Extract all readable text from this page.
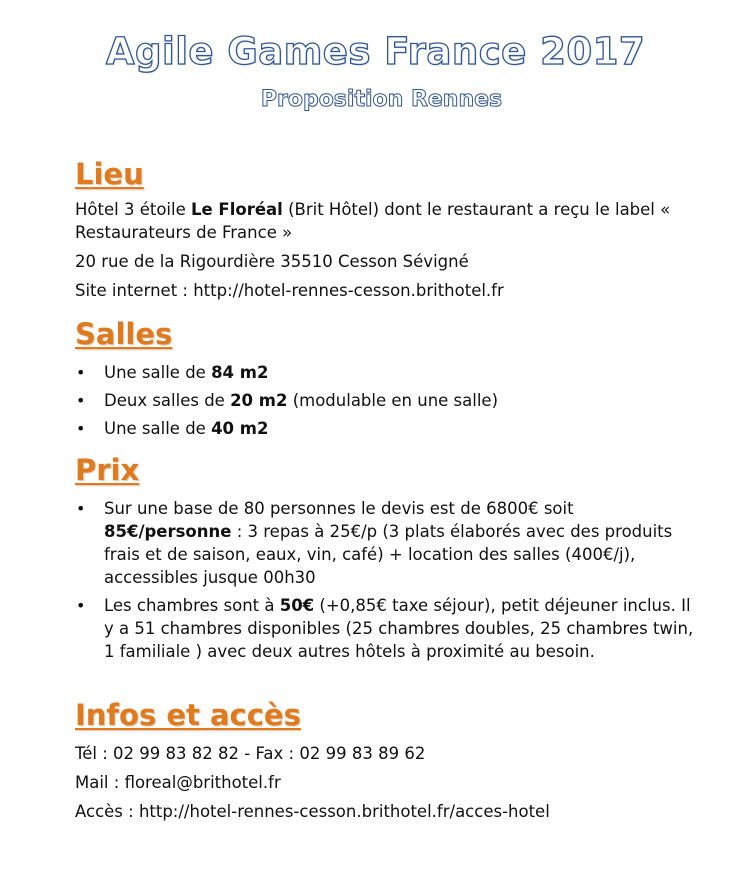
Agile Games France 2017
Proposition Rennes
Lieu

Hôtel 3 étoile Le Floréal (Brit Hôtel) dont le restaurant a reçu le label « Restaurateurs de France »

20 rue de la Rigourdière 35510 Cesson Sévigné

Site internet : http://hotel-rennes-cesson.brithotel.fr

Salles
• Une salle de 84 m2
• Deux salles de 20 m2 (modulable en une salle)
• Une salle de 40 m2
Prix
• Sur une base de 80 personnes le devis est de 6800€ soit 85€/personne : 3 repas à 25€/p (3 plats élaborés avec des produits frais et de saison, eaux, vin, café) + location des salles (400€/j), accessibles jusque 00h30
• Les chambres sont à 50€ (+0,85€ taxe séjour), petit déjeuner inclus. Il y a 51 chambres disponibles (25 chambres doubles, 25 chambres twin, 1 familiale ) avec deux autres hôtels à proximité au besoin.
Infos et accès

Tél : 02 99 83 82 82 - Fax : 02 99 83 89 62

Mail : floreal@brithotel.fr

Accès : http://hotel-rennes-cesson.brithotel.fr/acces-hotel
